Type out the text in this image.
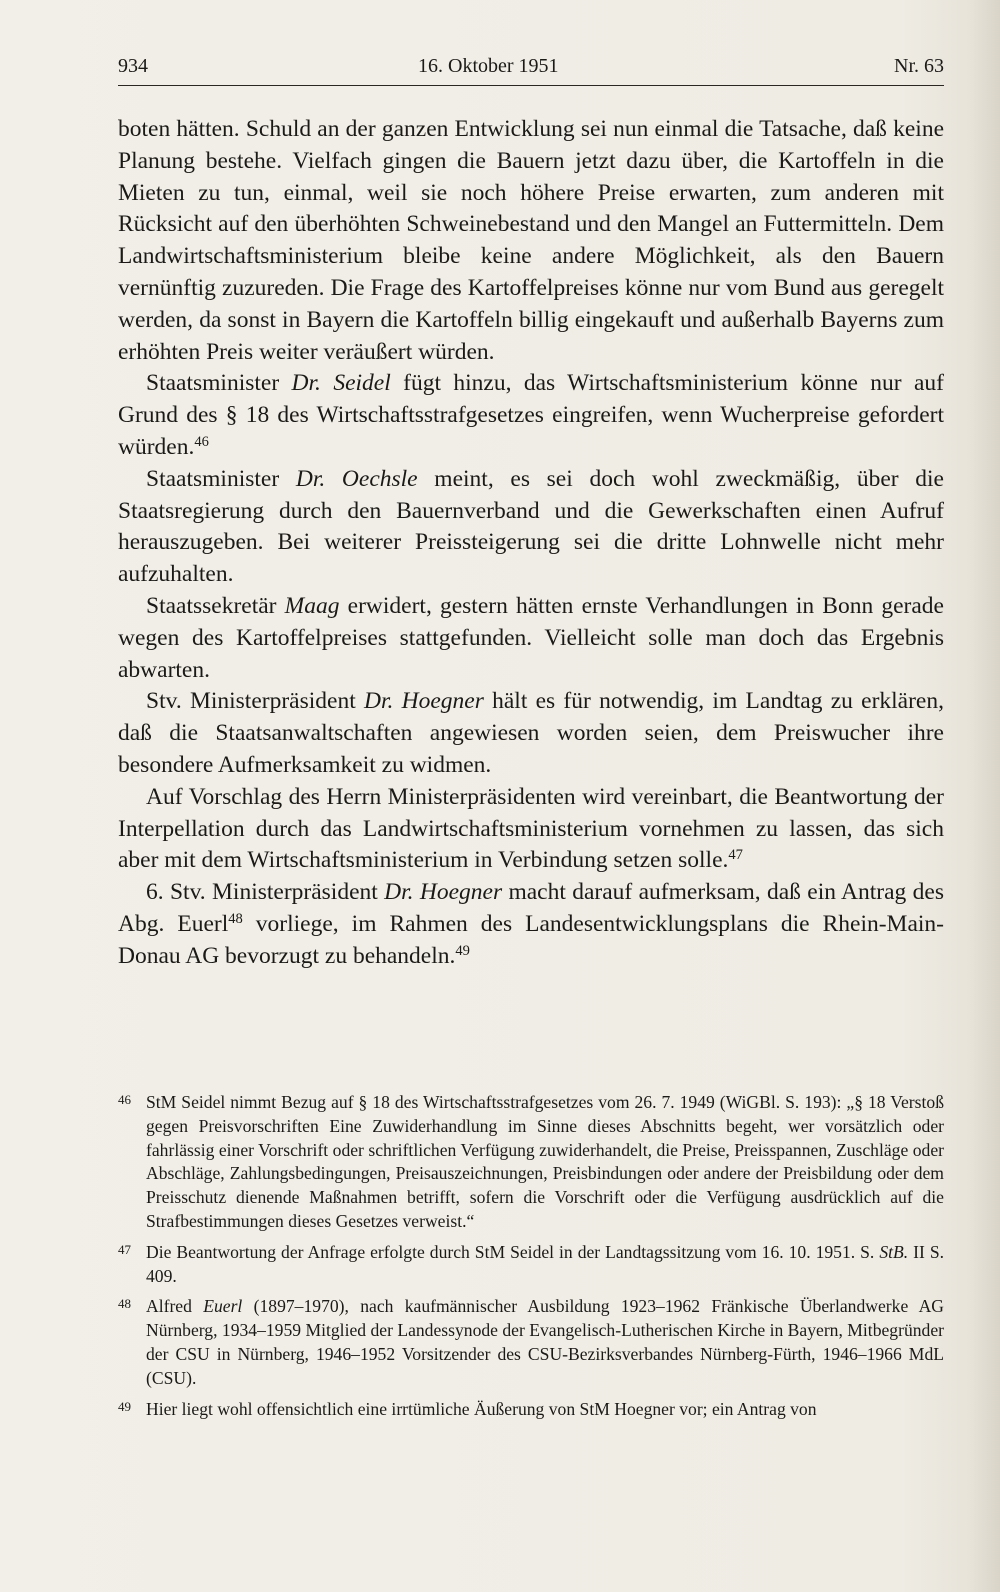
934	16. Oktober 1951	Nr. 63

boten hätten. Schuld an der ganzen Entwicklung sei nun einmal die Tatsache, daß keine Planung bestehe. Vielfach gingen die Bauern jetzt dazu über, die Kartoffeln in die Mieten zu tun, einmal, weil sie noch höhere Preise erwarten, zum anderen mit Rücksicht auf den überhöhten Schweinebestand und den Mangel an Futtermitteln. Dem Landwirtschaftsministerium bleibe keine andere Möglichkeit, als den Bauern vernünftig zuzureden. Die Frage des Kartoffelpreises könne nur vom Bund aus geregelt werden, da sonst in Bayern die Kartoffeln billig eingekauft und außerhalb Bayerns zum erhöhten Preis weiter veräußert würden.

Staatsminister Dr. Seidel fügt hinzu, das Wirtschaftsministerium könne nur auf Grund des § 18 des Wirtschaftsstrafgesetzes eingreifen, wenn Wucherpreise gefordert würden.$^{46}$

Staatsminister Dr. Oechsle meint, es sei doch wohl zweckmäßig, über die Staatsregierung durch den Bauernverband und die Gewerkschaften einen Aufruf herauszugeben. Bei weiterer Preissteigerung sei die dritte Lohnwelle nicht mehr aufzuhalten.

Staatssekretär Maag erwidert, gestern hätten ernste Verhandlungen in Bonn gerade wegen des Kartoffelpreises stattgefunden. Vielleicht solle man doch das Ergebnis abwarten.

Stv. Ministerpräsident Dr. Hoegner hält es für notwendig, im Landtag zu erklären, daß die Staatsanwaltschaften angewiesen worden seien, dem Preiswucher ihre besondere Aufmerksamkeit zu widmen.

Auf Vorschlag des Herrn Ministerpräsidenten wird vereinbart, die Beantwortung der Interpellation durch das Landwirtschaftsministerium vornehmen zu lassen, das sich aber mit dem Wirtschaftsministerium in Verbindung setzen solle.$^{47}$

6. Stv. Ministerpräsident Dr. Hoegner macht darauf aufmerksam, daß ein Antrag des Abg. Euerl$^{48}$ vorliege, im Rahmen des Landesentwicklungsplans die Rhein-Main-Donau AG bevorzugt zu behandeln.$^{49}$

46 StM Seidel nimmt Bezug auf § 18 des Wirtschaftsstrafgesetzes vom 26. 7. 1949 (WiGBl. S. 193): „§ 18 Verstoß gegen Preisvorschriften Eine Zuwiderhandlung im Sinne dieses Abschnitts begeht, wer vorsätzlich oder fahrlässig einer Vorschrift oder schriftlichen Verfügung zuwiderhandelt, die Preise, Preisspannen, Zuschläge oder Abschläge, Zahlungsbedingungen, Preisauszeichnungen, Preisbindungen oder andere der Preisbildung oder dem Preisschutz dienende Maßnahmen betrifft, sofern die Vorschrift oder die Verfügung ausdrücklich auf die Strafbestimmungen dieses Gesetzes verweist.“
47 Die Beantwortung der Anfrage erfolgte durch StM Seidel in der Landtagssitzung vom 16. 10. 1951. S. StB. II S. 409.
48 Alfred Euerl (1897–1970), nach kaufmännischer Ausbildung 1923–1962 Fränkische Überlandwerke AG Nürnberg, 1934–1959 Mitglied der Landessynode der Evangelisch-Lutherischen Kirche in Bayern, Mitbegründer der CSU in Nürnberg, 1946–1952 Vorsitzender des CSU-Bezirksverbandes Nürnberg-Fürth, 1946–1966 MdL (CSU).
49 Hier liegt wohl offensichtlich eine irrtümliche Äußerung von StM Hoegner vor; ein Antrag von
